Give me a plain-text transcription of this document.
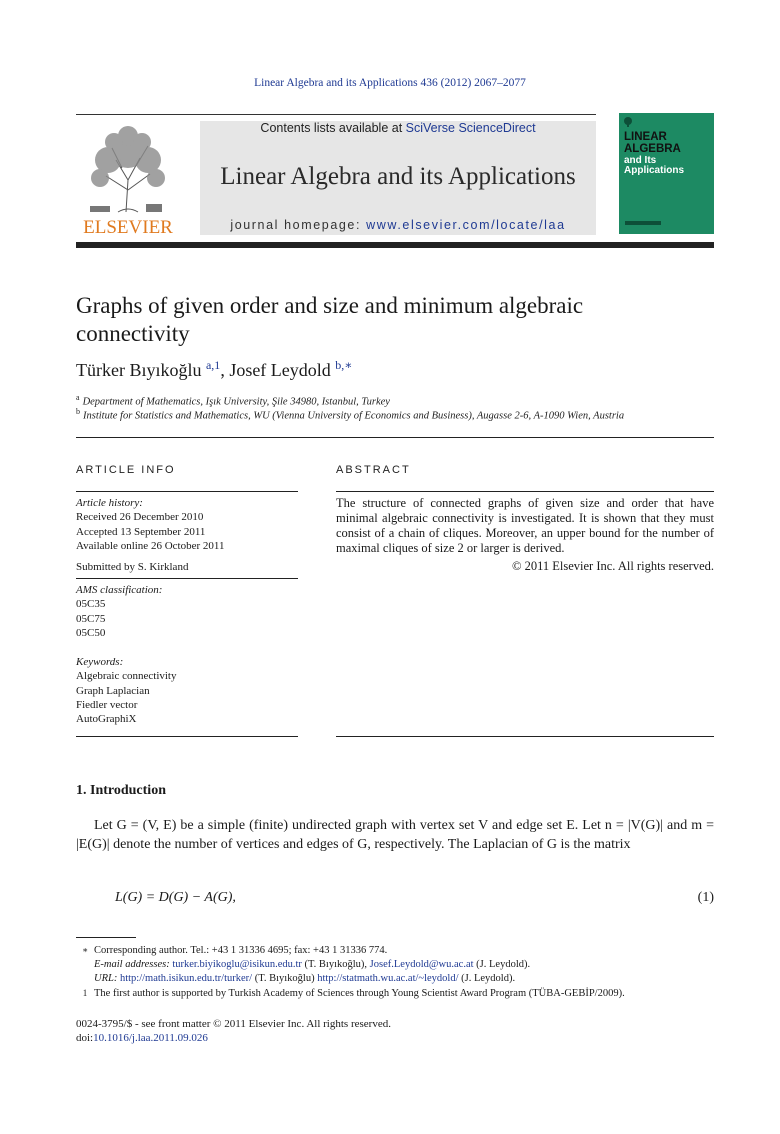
Linear Algebra and its Applications 436 (2012) 2067–2077
ELSEVIER
Contents lists available at SciVerse ScienceDirect
Linear Algebra and its Applications
journal homepage: www.elsevier.com/locate/laa
LINEAR
ALGEBRA
and Its
Applications
Graphs of given order and size and minimum algebraic connectivity
Türker Bıyıkoğlu $^{a,1}$, Josef Leydold $^{b,∗}$
$^a$ Department of Mathematics, Işık University, Şile 34980, Istanbul, Turkey
$^b$ Institute for Statistics and Mathematics, WU (Vienna University of Economics and Business), Augasse 2-6, A-1090 Wien, Austria
ARTICLE INFO
Article history:
Received 26 December 2010
Accepted 13 September 2011
Available online 26 October 2011
Submitted by S. Kirkland
AMS classification:
05C35
05C75
05C50
Keywords:
Algebraic connectivity
Graph Laplacian
Fiedler vector
AutoGraphiX
ABSTRACT
The structure of connected graphs of given size and order that have minimal algebraic connectivity is investigated. It is shown that they must consist of a chain of cliques. Moreover, an upper bound for the number of maximal cliques of size 2 or larger is derived.
© 2011 Elsevier Inc. All rights reserved.
1. Introduction
Let G = (V, E) be a simple (finite) undirected graph with vertex set V and edge set E. Let n = |V(G)| and m = |E(G)| denote the number of vertices and edges of G, respectively. The Laplacian of G is the matrix
L(G) = D(G) − A(G),	(1)
∗ Corresponding author. Tel.: +43 1 31336 4695; fax: +43 1 31336 774.
E-mail addresses: turker.biyikoglu@isikun.edu.tr (T. Bıyıkoğlu), Josef.Leydold@wu.ac.at (J. Leydold).
URL: http://math.isikun.edu.tr/turker/ (T. Bıyıkoğlu) http://statmath.wu.ac.at/~leydold/ (J. Leydold).
1 The first author is supported by Turkish Academy of Sciences through Young Scientist Award Program (TÜBA-GEBİP/2009).
0024-3795/$ - see front matter © 2011 Elsevier Inc. All rights reserved.
doi:10.1016/j.laa.2011.09.026
